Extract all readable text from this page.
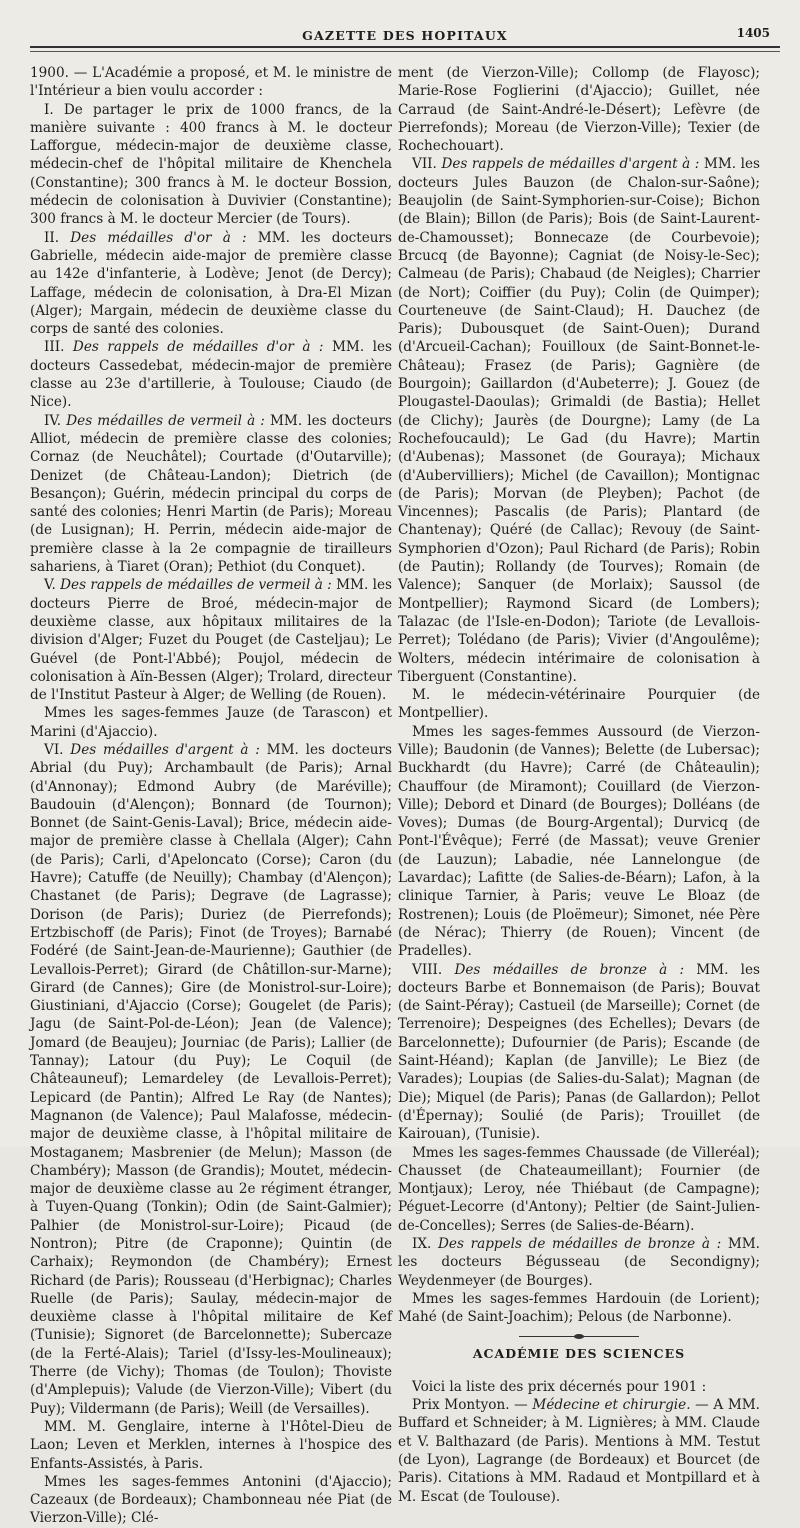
GAZETTE DES HOPITAUX	1405

1900. — L'Académie a proposé, et M. le ministre de l'Intérieur a bien voulu accorder :

I. De partager le prix de 1000 francs, de la manière suivante : 400 francs à M. le docteur Lafforgue, médecin-major de deuxième classe, médecin-chef de l'hôpital militaire de Khenchela (Constantine); 300 francs à M. le docteur Bossion, médecin de colonisation à Duvivier (Constantine); 300 francs à M. le docteur Mercier (de Tours).

II. Des médailles d'or à : MM. les docteurs Gabrielle, médecin aide-major de première classe au 142e d'infanterie, à Lodève; Jenot (de Dercy); Laffage, médecin de colonisation, à Dra-El Mizan (Alger); Margain, médecin de deuxième classe du corps de santé des colonies.

III. Des rappels de médailles d'or à : MM. les docteurs Cassedebat, médecin-major de première classe au 23e d'artillerie, à Toulouse; Ciaudo (de Nice).

IV. Des médailles de vermeil à : MM. les docteurs Alliot, médecin de première classe des colonies; Cornaz (de Neuchâtel); Courtade (d'Outarville); Denizet (de Château-Landon); Dietrich (de Besançon); Guérin, médecin principal du corps de santé des colonies; Henri Martin (de Paris); Moreau (de Lusignan); H. Perrin, médecin aide-major de première classe à la 2e compagnie de tirailleurs sahariens, à Tiaret (Oran); Pethiot (du Conquet).

V. Des rappels de médailles de vermeil à : MM. les docteurs Pierre de Broé, médecin-major de deuxième classe, aux hôpitaux militaires de la division d'Alger; Fuzet du Pouget (de Casteljau); Le Guével (de Pont-l'Abbé); Poujol, médecin de colonisation à Aïn-Bessen (Alger); Trolard, directeur de l'Institut Pasteur à Alger; de Welling (de Rouen).

Mmes les sages-femmes Jauze (de Tarascon) et Marini (d'Ajaccio).

VI. Des médailles d'argent à : MM. les docteurs Abrial (du Puy); Archambault (de Paris); Arnal (d'Annonay); Edmond Aubry (de Maréville); Baudouin (d'Alençon); Bonnard (de Tournon); Bonnet (de Saint-Genis-Laval); Brice, médecin aide-major de première classe à Chellala (Alger); Cahn (de Paris); Carli, d'Apeloncato (Corse); Caron (du Havre); Catuffe (de Neuilly); Chambay (d'Alençon); Chastanet (de Paris); Degrave (de Lagrasse); Dorison (de Paris); Duriez (de Pierrefonds); Ertzbischoff (de Paris); Finot (de Troyes); Barnabé Fodéré (de Saint-Jean-de-Maurienne); Gauthier (de Levallois-Perret); Girard (de Châtillon-sur-Marne); Girard (de Cannes); Gire (de Monistrol-sur-Loire); Giustiniani, d'Ajaccio (Corse); Gougelet (de Paris); Jagu (de Saint-Pol-de-Léon); Jean (de Valence); Jomard (de Beaujeu); Journiac (de Paris); Lallier (de Tannay); Latour (du Puy); Le Coquil (de Châteauneuf); Lemardeley (de Levallois-Perret); Lepicard (de Pantin); Alfred Le Ray (de Nantes); Magnanon (de Valence); Paul Malafosse, médecin-major de deuxième classe, à l'hôpital militaire de Mostaganem; Masbrenier (de Melun); Masson (de Chambéry); Masson (de Grandis); Moutet, médecin-major de deuxième classe au 2e régiment étranger, à Tuyen-Quang (Tonkin); Odin (de Saint-Galmier); Palhier (de Monistrol-sur-Loire); Picaud (de Nontron); Pitre (de Craponne); Quintin (de Carhaix); Reymondon (de Chambéry); Ernest Richard (de Paris); Rousseau (d'Herbignac); Charles Ruelle (de Paris); Saulay, médecin-major de deuxième classe à l'hôpital militaire de Kef (Tunisie); Signoret (de Barcelonnette); Subercaze (de la Ferté-Alais); Tariel (d'Issy-les-Moulineaux); Therre (de Vichy); Thomas (de Toulon); Thoviste (d'Amplepuis); Valude (de Vierzon-Ville); Vibert (du Puy); Vildermann (de Paris); Weill (de Versailles).

MM. M. Genglaire, interne à l'Hôtel-Dieu de Laon; Leven et Merklen, internes à l'hospice des Enfants-Assistés, à Paris.

Mmes les sages-femmes Antonini (d'Ajaccio); Cazeaux (de Bordeaux); Chambonneau née Piat (de Vierzon-Ville); Clé-

ment (de Vierzon-Ville); Collomp (de Flayosc); Marie-Rose Foglierini (d'Ajaccio); Guillet, née Carraud (de Saint-André-le-Désert); Lefèvre (de Pierrefonds); Moreau (de Vierzon-Ville); Texier (de Rochechouart).

VII. Des rappels de médailles d'argent à : MM. les docteurs Jules Bauzon (de Chalon-sur-Saône); Beaujolin (de Saint-Symphorien-sur-Coise); Bichon (de Blain); Billon (de Paris); Bois (de Saint-Laurent-de-Chamousset); Bonnecaze (de Courbevoie); Brcucq (de Bayonne); Cagniat (de Noisy-le-Sec); Calmeau (de Paris); Chabaud (de Neigles); Charrier (de Nort); Coiffier (du Puy); Colin (de Quimper); Courteneuve (de Saint-Claud); H. Dauchez (de Paris); Dubousquet (de Saint-Ouen); Durand (d'Arcueil-Cachan); Fouilloux (de Saint-Bonnet-le-Château); Frasez (de Paris); Gagnière (de Bourgoin); Gaillardon (d'Aubeterre); J. Gouez (de Plougastel-Daoulas); Grimaldi (de Bastia); Hellet (de Clichy); Jaurès (de Dourgne); Lamy (de La Rochefoucauld); Le Gad (du Havre); Martin (d'Aubenas); Massonet (de Gouraya); Michaux (d'Aubervilliers); Michel (de Cavaillon); Montignac (de Paris); Morvan (de Pleyben); Pachot (de Vincennes); Pascalis (de Paris); Plantard (de Chantenay); Quéré (de Callac); Revouy (de Saint-Symphorien d'Ozon); Paul Richard (de Paris); Robin (de Pautin); Rollandy (de Tourves); Romain (de Valence); Sanquer (de Morlaix); Saussol (de Montpellier); Raymond Sicard (de Lombers); Talazac (de l'Isle-en-Dodon); Tariote (de Levallois-Perret); Tolédano (de Paris); Vivier (d'Angoulême); Wolters, médecin intérimaire de colonisation à Tiberguent (Constantine).

M. le médecin-vétérinaire Pourquier (de Montpellier).

Mmes les sages-femmes Aussourd (de Vierzon-Ville); Baudonin (de Vannes); Belette (de Lubersac); Buckhardt (du Havre); Carré (de Châteaulin); Chauffour (de Miramont); Couillard (de Vierzon-Ville); Debord et Dinard (de Bourges); Dolléans (de Voves); Dumas (de Bourg-Argental); Durvicq (de Pont-l'Évêque); Ferré (de Massat); veuve Grenier (de Lauzun); Labadie, née Lannelongue (de Lavardac); Lafitte (de Salies-de-Béarn); Lafon, à la clinique Tarnier, à Paris; veuve Le Bloaz (de Rostrenen); Louis (de Ploëmeur); Simonet, née Père (de Nérac); Thierry (de Rouen); Vincent (de Pradelles).

VIII. Des médailles de bronze à : MM. les docteurs Barbe et Bonnemaison (de Paris); Bouvat (de Saint-Péray); Castueil (de Marseille); Cornet (de Terrenoire); Despeignes (des Echelles); Devars (de Barcelonnette); Dufournier (de Paris); Escande (de Saint-Héand); Kaplan (de Janville); Le Biez (de Varades); Loupias (de Salies-du-Salat); Magnan (de Die); Miquel (de Paris); Panas (de Gallardon); Pellot (d'Épernay); Soulié (de Paris); Trouillet (de Kairouan), (Tunisie).

Mmes les sages-femmes Chaussade (de Villeréal); Chausset (de Chateaumeillant); Fournier (de Montjaux); Leroy, née Thiébaut (de Campagne); Péguet-Lecorre (d'Antony); Peltier (de Saint-Julien-de-Concelles); Serres (de Salies-de-Béarn).

IX. Des rappels de médailles de bronze à : MM. les docteurs Bégusseau (de Secondigny); Weydenmeyer (de Bourges).

Mmes les sages-femmes Hardouin (de Lorient); Mahé (de Saint-Joachim); Pelous (de Narbonne).

ACADÉMIE DES SCIENCES

Voici la liste des prix décernés pour 1901 :

Prix Montyon. — Médecine et chirurgie. — A MM. Buffard et Schneider; à M. Lignières; à MM. Claude et V. Balthazard (de Paris). Mentions à MM. Testut (de Lyon), Lagrange (de Bordeaux) et Bourcet (de Paris). Citations à MM. Radaud et Montpillard et à M. Escat (de Toulouse).
